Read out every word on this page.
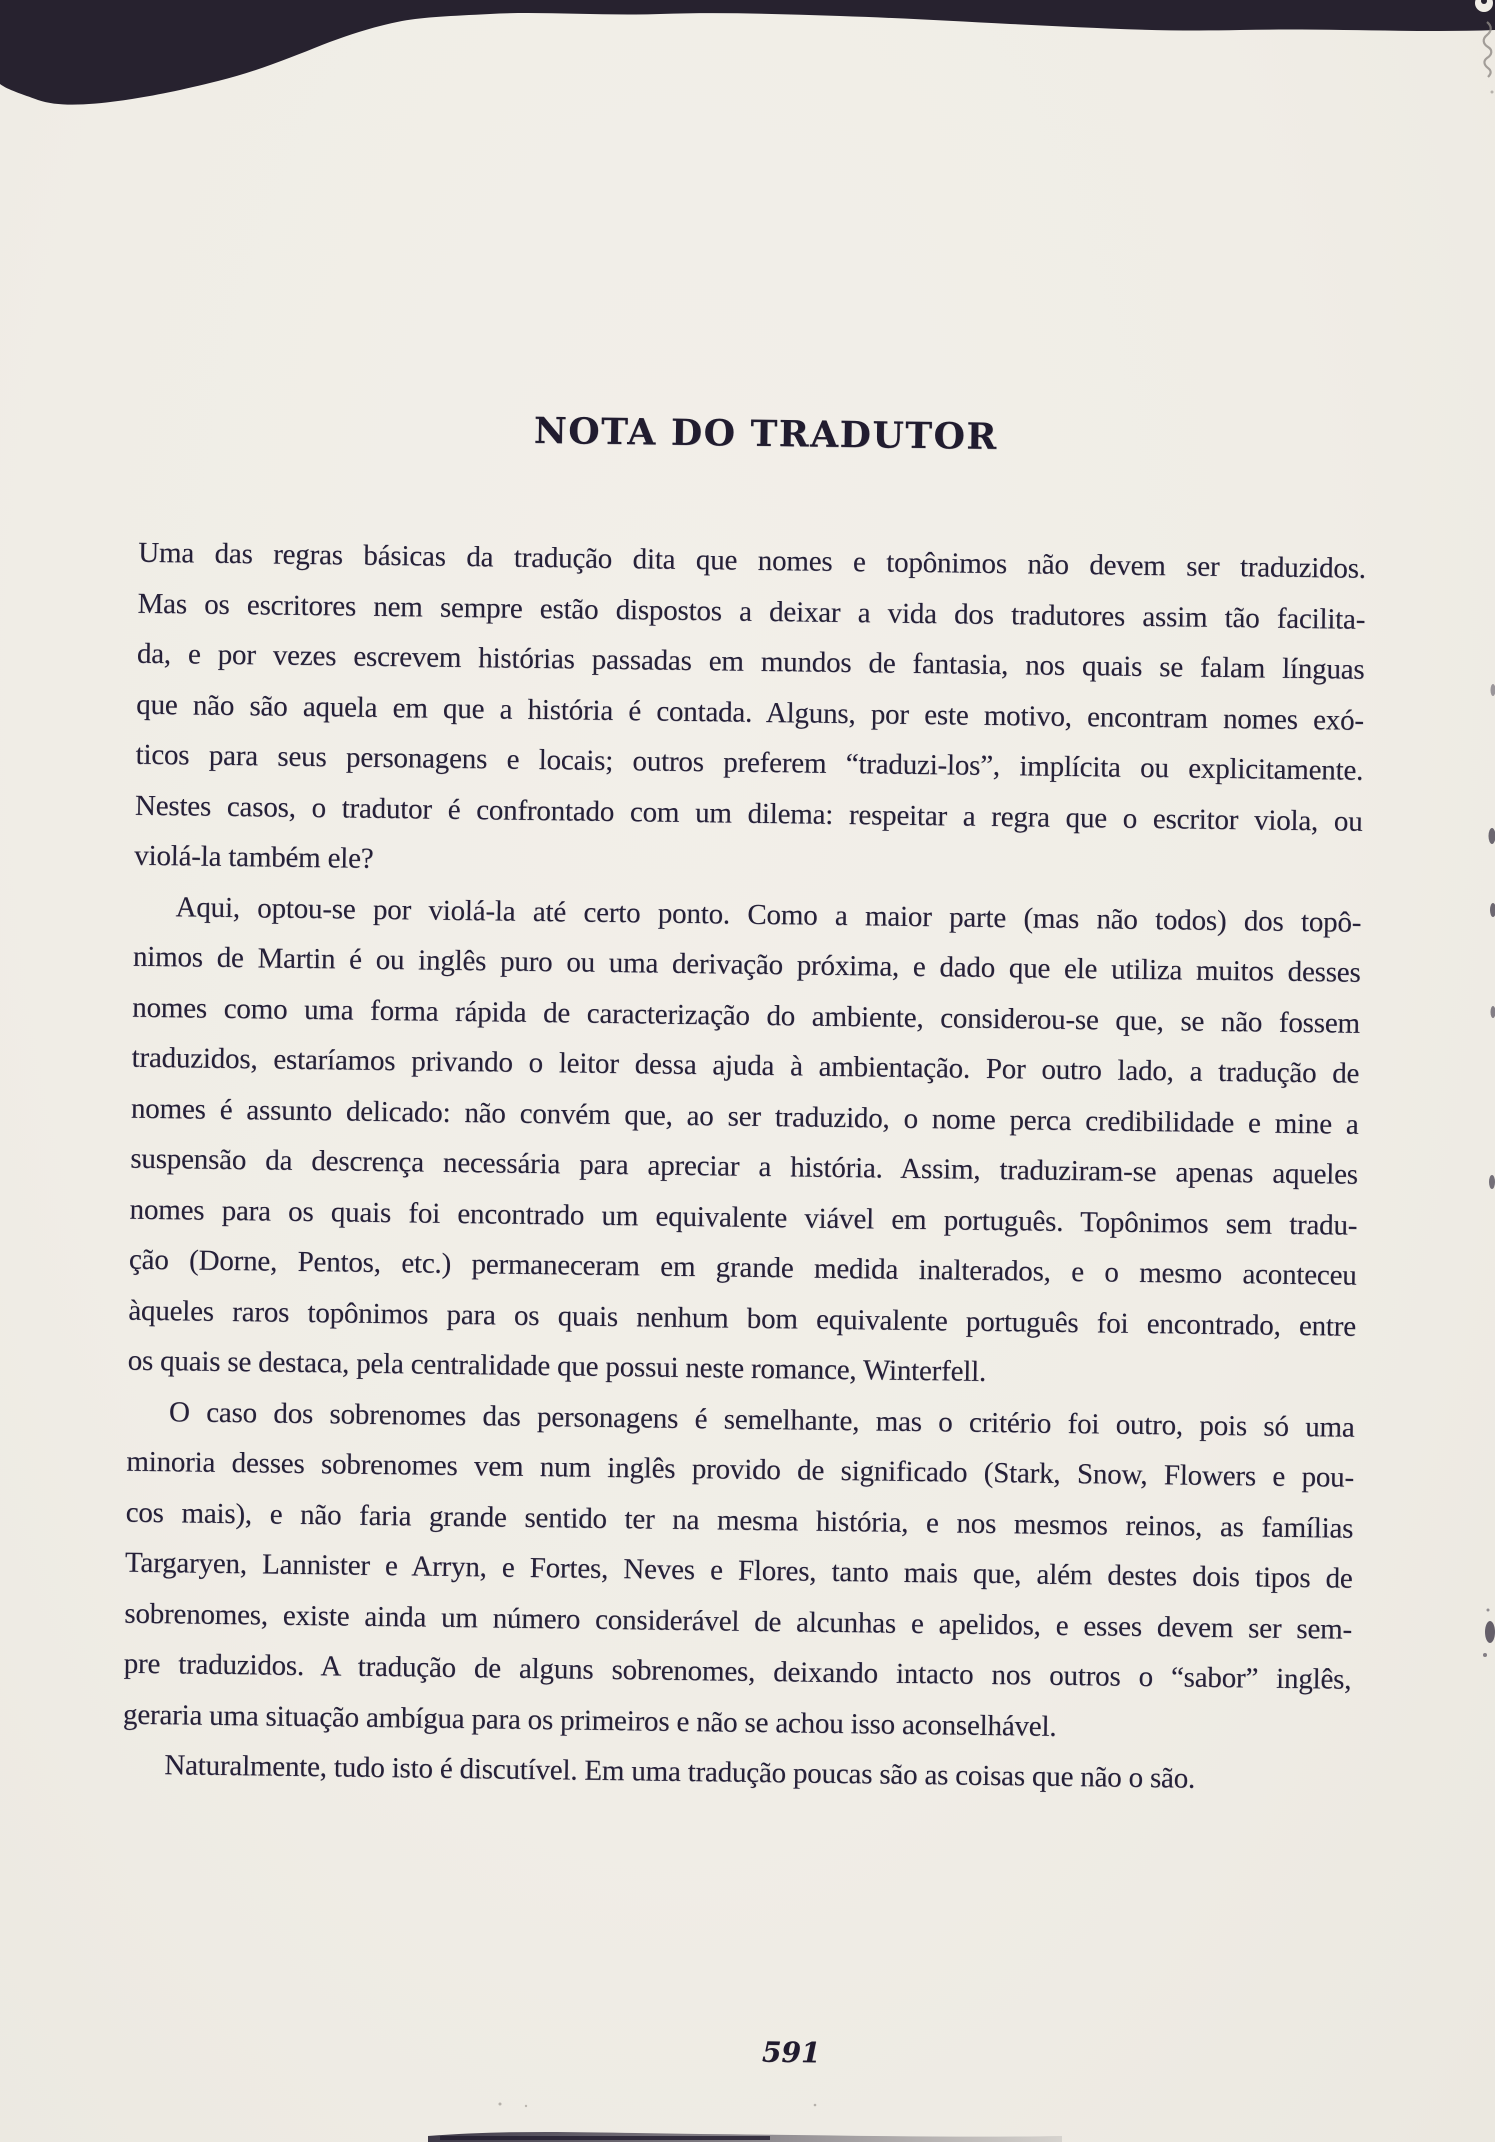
NOTA DO TRADUTOR
Uma das regras básicas da tradução dita que nomes e topônimos não devem ser traduzidos.
Mas os escritores nem sempre estão dispostos a deixar a vida dos tradutores assim tão facilita-
da, e por vezes escrevem histórias passadas em mundos de fantasia, nos quais se falam línguas
que não são aquela em que a história é contada. Alguns, por este motivo, encontram nomes exó-
ticos para seus personagens e locais; outros preferem “traduzi-los”, implícita ou explicitamente.
Nestes casos, o tradutor é confrontado com um dilema: respeitar a regra que o escritor viola, ou
violá-la também ele?
Aqui, optou-se por violá-la até certo ponto. Como a maior parte (mas não todos) dos topô-
nimos de Martin é ou inglês puro ou uma derivação próxima, e dado que ele utiliza muitos desses
nomes como uma forma rápida de caracterização do ambiente, considerou-se que, se não fossem
traduzidos, estaríamos privando o leitor dessa ajuda à ambientação. Por outro lado, a tradução de
nomes é assunto delicado: não convém que, ao ser traduzido, o nome perca credibilidade e mine a
suspensão da descrença necessária para apreciar a história. Assim, traduziram-se apenas aqueles
nomes para os quais foi encontrado um equivalente viável em português. Topônimos sem tradu-
ção (Dorne, Pentos, etc.) permaneceram em grande medida inalterados, e o mesmo aconteceu
àqueles raros topônimos para os quais nenhum bom equivalente português foi encontrado, entre
os quais se destaca, pela centralidade que possui neste romance, Winterfell.
O caso dos sobrenomes das personagens é semelhante, mas o critério foi outro, pois só uma
minoria desses sobrenomes vem num inglês provido de significado (Stark, Snow, Flowers e pou-
cos mais), e não faria grande sentido ter na mesma história, e nos mesmos reinos, as famílias
Targaryen, Lannister e Arryn, e Fortes, Neves e Flores, tanto mais que, além destes dois tipos de
sobrenomes, existe ainda um número considerável de alcunhas e apelidos, e esses devem ser sem-
pre traduzidos. A tradução de alguns sobrenomes, deixando intacto nos outros o “sabor” inglês,
geraria uma situação ambígua para os primeiros e não se achou isso aconselhável.
Naturalmente, tudo isto é discutível. Em uma tradução poucas são as coisas que não o são.
591
